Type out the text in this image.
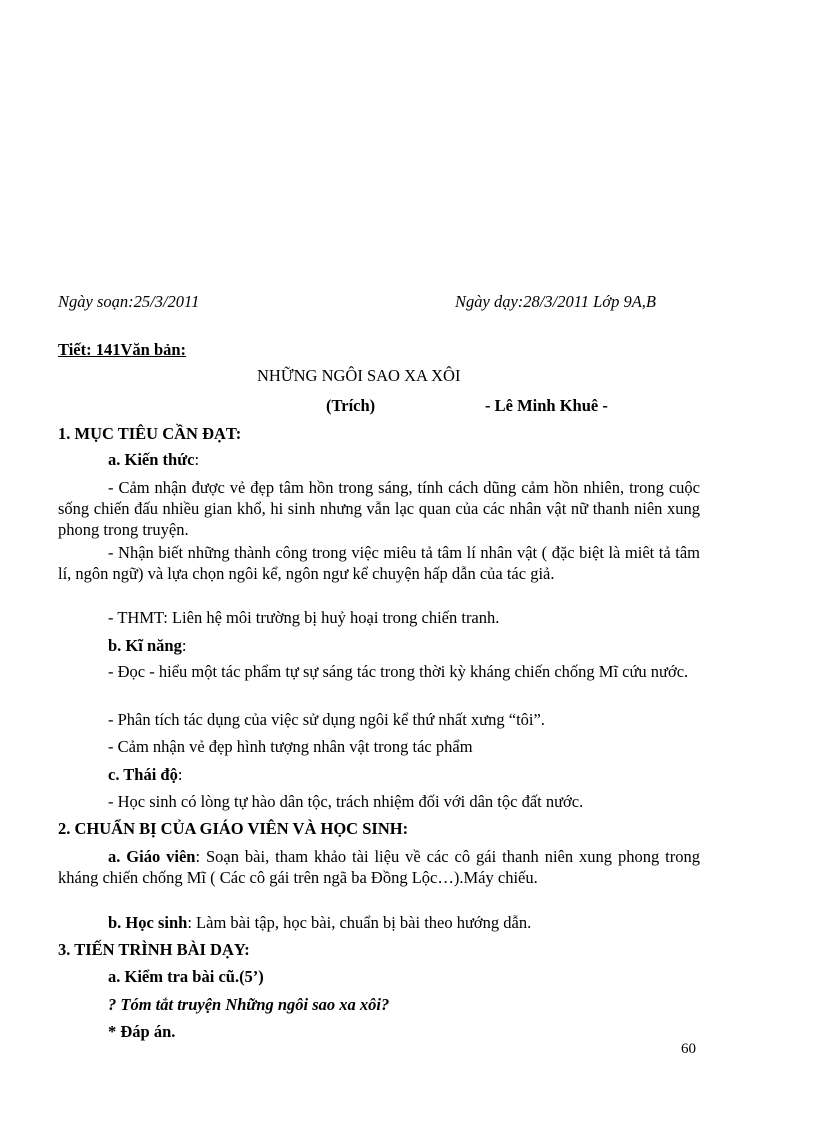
Ngày soạn:25/3/2011	Ngày dạy:28/3/2011 Lớp 9A,B
Tiết: 141Văn bản:
NHỮNG NGÔI SAO XA XÔI
(Trích)	- Lê Minh Khuê -
1. MỤC TIÊU CẦN ĐẠT:
a. Kiến thức:

- Cảm nhận được vẻ đẹp tâm hồn trong sáng, tính cách dũng cảm hồn nhiên, trong cuộc sống chiến đấu nhiều gian khổ, hi sinh nhưng vẫn lạc quan của các nhân vật nữ thanh niên xung phong trong truyện.

- Nhận biết những thành công trong việc miêu tả tâm lí nhân vật ( đặc biệt là miêt tả tâm lí, ngôn ngữ) và lựa chọn ngôi kể, ngôn ngư kể chuyện hấp dẫn của tác giả.

- THMT: Liên hệ môi trường bị huỷ hoại trong chiến tranh.
b. Kĩ năng:

- Đọc - hiểu một tác phẩm tự sự sáng tác trong thời kỳ kháng chiến chống Mĩ cứu nước.

- Phân tích tác dụng của việc sử dụng ngôi kể thứ nhất xưng “tôi”.
- Cảm nhận vẻ đẹp hình tượng nhân vật trong tác phẩm
c. Thái độ:
- Học sinh có lòng tự hào dân tộc, trách nhiệm đối với dân tộc đất nước.
2. CHUẨN BỊ CỦA GIÁO VIÊN VÀ HỌC SINH:

a. Giáo viên: Soạn bài, tham khảo tài liệu về các cô gái thanh niên xung phong trong kháng chiến chống Mĩ ( Các cô gái trên ngã ba Đồng Lộc…).Máy chiếu.

b. Học sinh: Làm bài tập, học bài, chuẩn bị bài theo hướng dẫn.
3. TIẾN TRÌNH BÀI DẠY:
a. Kiểm tra bài cũ.(5’)
? Tóm tắt truyện Những ngôi sao xa xôi?
* Đáp án.
60
